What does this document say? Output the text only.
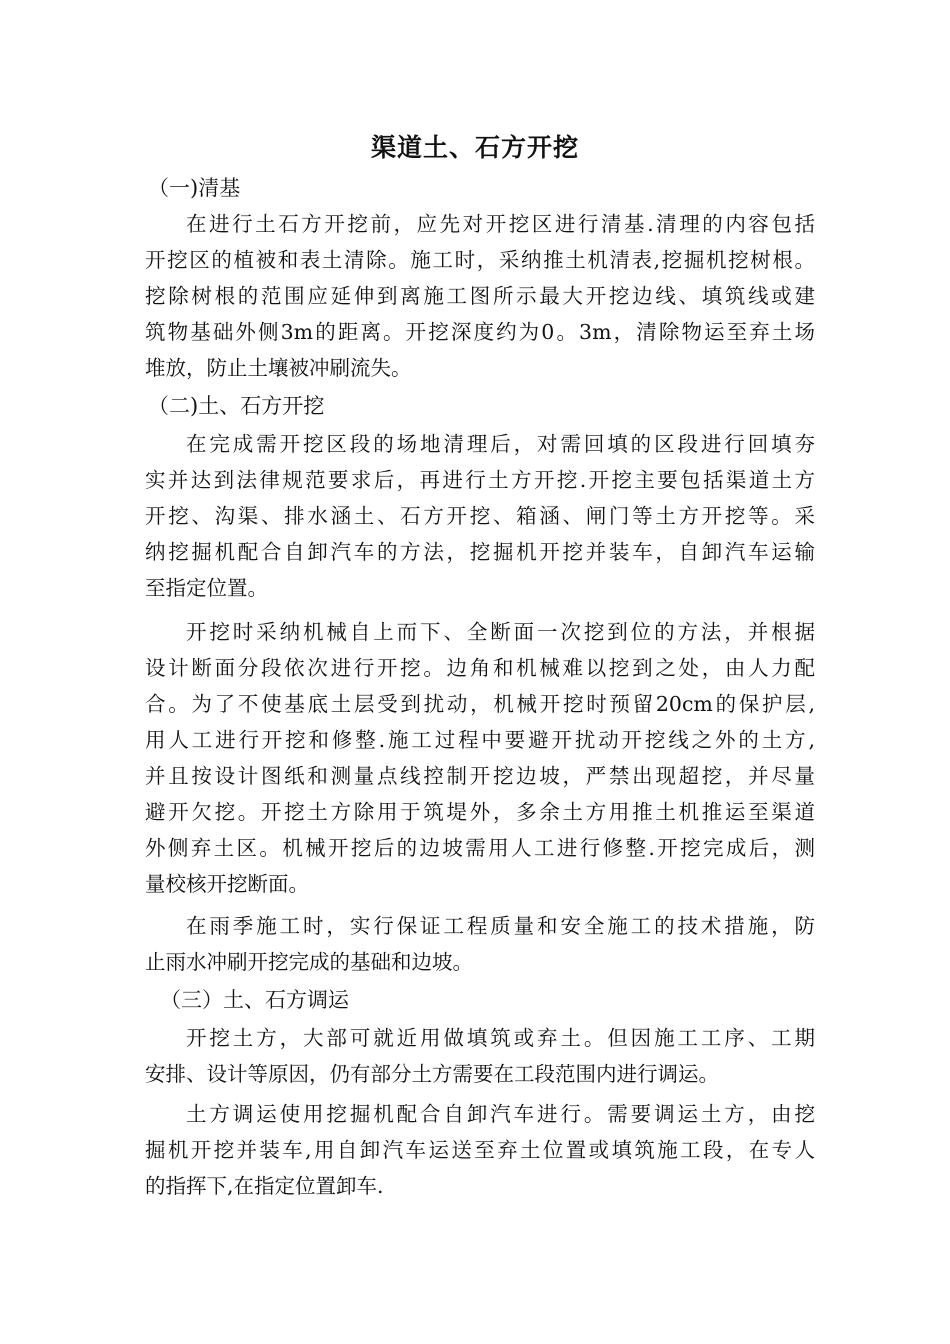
渠道土、石方开挖
（一)清基
在进行土石方开挖前，应先对开挖区进行清基.清理的内容包括
开挖区的植被和表土清除。施工时，采纳推土机清表,挖掘机挖树根。
挖除树根的范围应延伸到离施工图所示最大开挖边线、填筑线或建
筑物基础外侧3m的距离。开挖深度约为0。3m，清除物运至弃土场
堆放，防止土壤被冲刷流失。
（二)土、石方开挖
在完成需开挖区段的场地清理后，对需回填的区段进行回填夯
实并达到法律规范要求后，再进行土方开挖.开挖主要包括渠道土方
开挖、沟渠、排水涵土、石方开挖、箱涵、闸门等土方开挖等。采
纳挖掘机配合自卸汽车的方法，挖掘机开挖并装车，自卸汽车运输
至指定位置。
开挖时采纳机械自上而下、全断面一次挖到位的方法，并根据
设计断面分段依次进行开挖。边角和机械难以挖到之处，由人力配
合。为了不使基底土层受到扰动，机械开挖时预留20cm的保护层,
用人工进行开挖和修整.施工过程中要避开扰动开挖线之外的土方,
并且按设计图纸和测量点线控制开挖边坡，严禁出现超挖，并尽量
避开欠挖。开挖土方除用于筑堤外，多余土方用推土机推运至渠道
外侧弃土区。机械开挖后的边坡需用人工进行修整.开挖完成后，测
量校核开挖断面。
在雨季施工时，实行保证工程质量和安全施工的技术措施，防
止雨水冲刷开挖完成的基础和边坡。
（三）土、石方调运
开挖土方，大部可就近用做填筑或弃土。但因施工工序、工期
安排、设计等原因，仍有部分土方需要在工段范围内进行调运。
土方调运使用挖掘机配合自卸汽车进行。需要调运土方，由挖
掘机开挖并装车,用自卸汽车运送至弃土位置或填筑施工段，在专人
的指挥下,在指定位置卸车.
